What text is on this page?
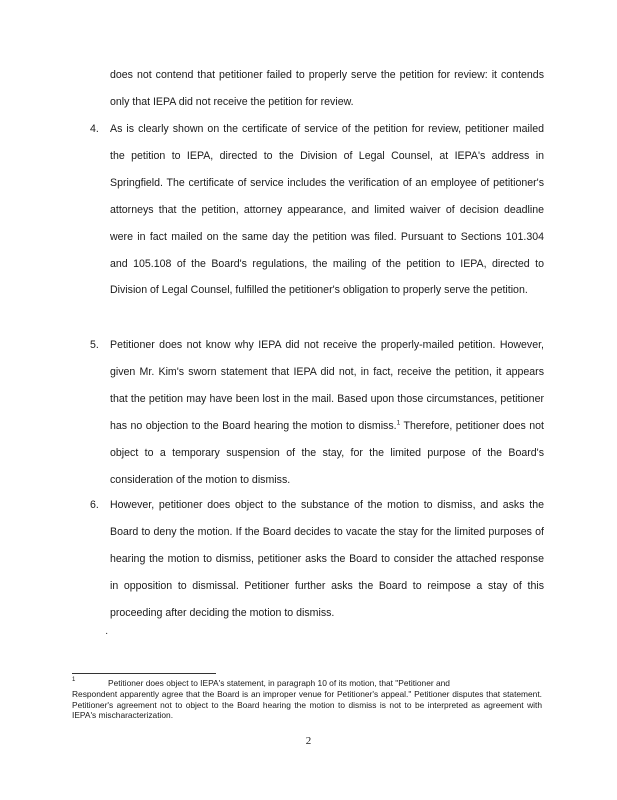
does not contend that petitioner failed to properly serve the petition for review: it contends only that IEPA did not receive the petition for review.
4. As is clearly shown on the certificate of service of the petition for review, petitioner mailed the petition to IEPA, directed to the Division of Legal Counsel, at IEPA's address in Springfield. The certificate of service includes the verification of an employee of petitioner's attorneys that the petition, attorney appearance, and limited waiver of decision deadline were in fact mailed on the same day the petition was filed. Pursuant to Sections 101.304 and 105.108 of the Board's regulations, the mailing of the petition to IEPA, directed to Division of Legal Counsel, fulfilled the petitioner's obligation to properly serve the petition.
5. Petitioner does not know why IEPA did not receive the properly-mailed petition. However, given Mr. Kim's sworn statement that IEPA did not, in fact, receive the petition, it appears that the petition may have been lost in the mail. Based upon those circumstances, petitioner has no objection to the Board hearing the motion to dismiss.$^1$ Therefore, petitioner does not object to a temporary suspension of the stay, for the limited purpose of the Board's consideration of the motion to dismiss.
6. However, petitioner does object to the substance of the motion to dismiss, and asks the Board to deny the motion. If the Board decides to vacate the stay for the limited purposes of hearing the motion to dismiss, petitioner asks the Board to consider the attached response in opposition to dismissal. Petitioner further asks the Board to reimpose a stay of this proceeding after deciding the motion to dismiss.
·
1	Petitioner does object to IEPA's statement, in paragraph 10 of its motion, that "Petitioner and
Respondent apparently agree that the Board is an improper venue for Petitioner's appeal." Petitioner disputes that statement. Petitioner's agreement not to object to the Board hearing the motion to dismiss is not to be interpreted as agreement with IEPA's mischaracterization.
2
